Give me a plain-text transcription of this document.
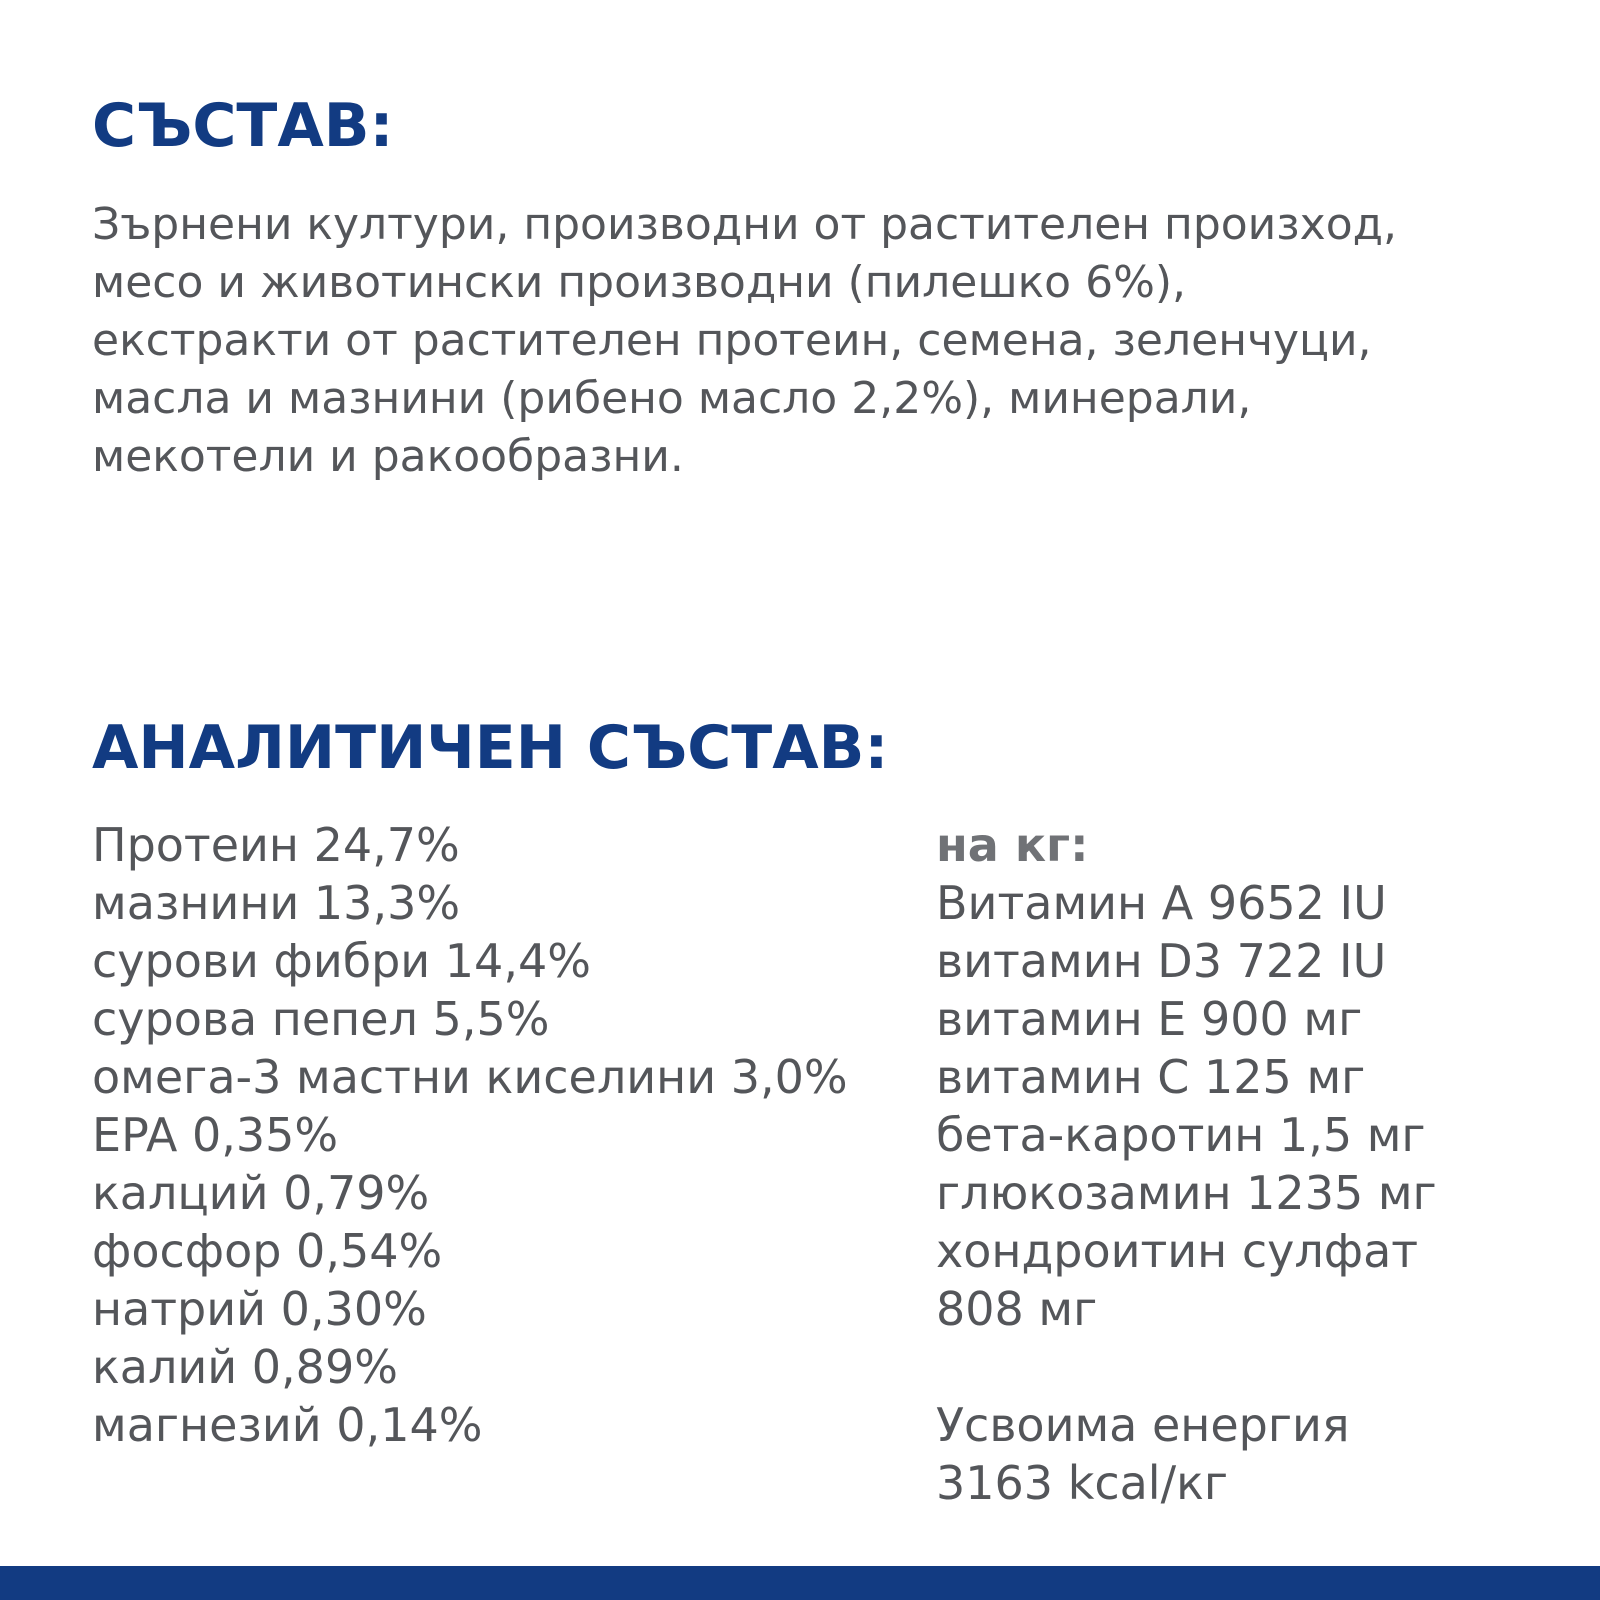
СЪСТАВ:

Зърнени култури, производни от растителен произход,
месо и животински производни (пилешко 6%),
екстракти от растителен протеин, семена, зеленчуци,
масла и мазнини (рибено масло 2,2%), минерали,
мекотели и ракообразни.

АНАЛИТИЧЕН СЪСТАВ:
Протеин 24,7%
мазнини 13,3%
сурови фибри 14,4%
сурова пепел 5,5%
омега-3 мастни киселини 3,0%
EPA 0,35%
калций 0,79%
фосфор 0,54%
натрий 0,30%
калий 0,89%
магнезий 0,14%
на кг:
Витамин А 9652 IU
витамин D3 722 IU
витамин Е 900 мг
витамин С 125 мг
бета-каротин 1,5 мг
глюкозамин 1235 мг
хондроитин сулфат
808 мг
Усвоима енергия
3163 kcal/кг
